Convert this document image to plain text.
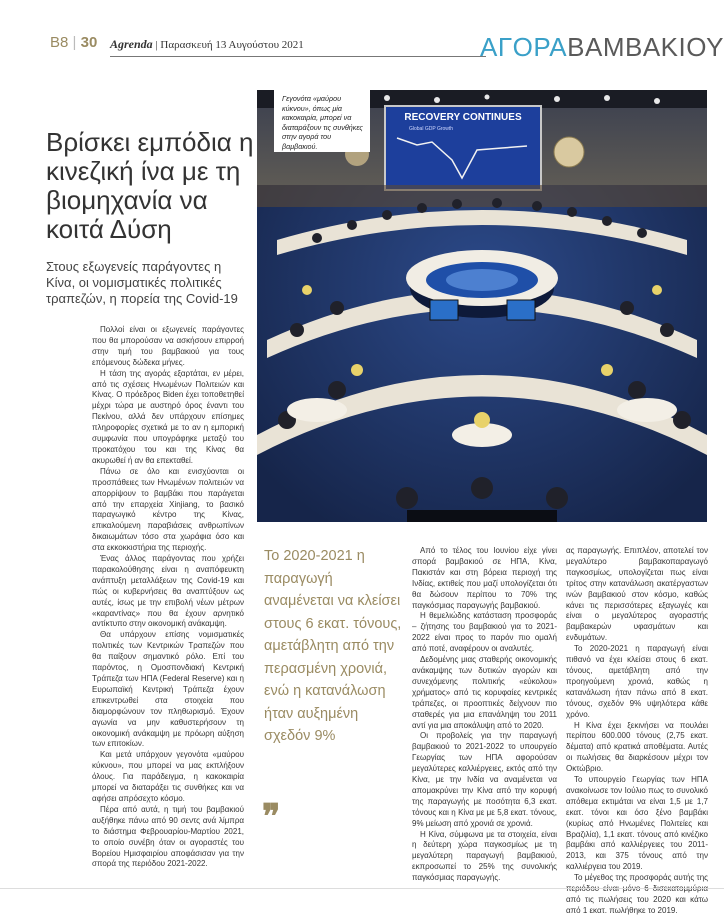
B8 | 30 Agrenda | Παρασκευή 13 Αυγούστου 2021	ΑΓΟΡΑΒΑΜΒΑΚΙΟΥ
RECOVERY CONTINUES
Global GDP Growth
Γεγονότα «μαύρου κύκνου», όπως μία κακοκαιρία, μπορεί να διαταράξουν τις συνθήκες στην αγορά του βαμβακιού.
Βρίσκει εμπόδια η κινεζική ίνα με τη βιομηχανία να κοιτά Δύση
Στους εξωγενείς παράγοντες η Κίνα, οι νομισματικές πολιτικές τραπεζών, η πορεία της Covid-19

Πολλοί είναι οι εξωγενείς παράγοντες που θα μπορούσαν να ασκήσουν επιρροή στην τιμή του βαμβακιού για τους επόμενους δώδεκα μήνες.

Η τάση της αγοράς εξαρτάται, εν μέρει, από τις σχέσεις Ηνωμένων Πολιτειών και Κίνας. Ο πρόεδρος Biden έχει τοποθετηθεί μέχρι τώρα με αυστηρό όρος έναντι του Πεκίνου, αλλά δεν υπάρχουν επίσημες πληροφορίες σχετικά με το αν η εμπορική συμφωνία που υπογράφηκε μεταξύ του προκατόχου του και της Κίνας θα ακυρωθεί ή αν θα επεκταθεί.

Πάνω σε όλο και ενισχύονται οι προσπάθειες των Ηνωμένων πολιτειών να απορρίψουν το βαμβάκι που παράγεται από την επαρχεία Xinjiang, το βασικό παραγωγικό κέντρο της Κίνας, επικαλούμενη παραβιάσεις ανθρωπίνων δικαιωμάτων τόσο στα χωράφια όσο και στα εκκοκκιστήρια της περιοχής.

Ένας άλλος παράγοντας που χρήζει παρακολούθησης είναι η αναπόφευκτη ανάπτυξη μεταλλάξεων της Covid-19 και πώς οι κυβερνήσεις θα αναπτύξουν ως αυτές, ίσως με την επιβολή νέων μέτρων «καραντίνας» που θα έχουν αρνητικό αντίκτυπο στην οικονομική ανάκαμψη.

Θα υπάρχουν επίσης νομισματικές πολιτικές των Κεντρικών Τραπεζών που θα παίξουν σημαντικό ρόλο. Επί του παρόντος, η Ομοσπονδιακή Κεντρική Τράπεζα των ΗΠΑ (Federal Reserve) και η Ευρωπαϊκή Κεντρική Τράπεζα έχουν επικεντρωθεί στα στοιχεία που διαμορφώνουν τον πληθωρισμό. Έχουν αγωνία να μην καθυστερήσουν τη οικονομική ανάκαμψη με πρόωρη αύξηση των επιτοκίων.

Και μετά υπάρχουν γεγονότα «μαύρου κύκνου», που μπορεί να μας εκπλήξουν όλους. Για παράδειγμα, η κακοκαιρία μπορεί να διαταράξει τις συνθήκες και να αφήσει απρόσεχτο κόσμο.

Πέρα από αυτά, η τιμή του βαμβακιού αυξήθηκε πάνω από 90 σεντς ανά λίμπρα το διάστημα Φεβρουαρίου-Μαρτίου 2021, το οποίο συνέβη όταν οι αγοραστές του Βορείου Ημισφαιρίου αποφάσισαν για την σπορά της περιόδου 2021-2022.

Το 2020-2021 η παραγωγή αναμένεται να κλείσει στους 6 εκατ. τόνους, αμετάβλητη από την περασμένη χρονιά, ενώ η κατανάλωση ήταν αυξημένη σχεδόν 9%
❞

Από το τέλος του Ιουνίου είχε γίνει σπορά βαμβακιού σε ΗΠΑ, Κίνα, Πακιστάν και στη βόρεια περιοχή της Ινδίας, εκτιθείς που μαζί υπολογίζεται ότι θα δώσουν περίπου το 70% της παγκόσμιας παραγωγής βαμβακιού.

Η θεμελιώδης κατάσταση προσφοράς – ζήτησης του βαμβακιού για το 2021-2022 είναι προς το παρόν πιο ομαλή από ποτέ, αναφέρουν οι αναλυτές.

Δεδομένης μιας σταθερής οικονομικής ανάκαμψης των δυτικών αγορών και συνεχόμενης πολιτικής «εύκολου» χρήματος» από τις κορυφαίες κεντρικές τράπεζες, οι προοπτικές δείχνουν πιο σταθερές για μια επανάληψη του 2011 αντί για μια αποκάλυψη από το 2020.

Οι προβολείς για την παραγωγή βαμβακιού το 2021-2022 το υπουργείο Γεωργίας των ΗΠΑ αφορούσαν μεγαλύτερες καλλιέργειες, εκτός από την Κίνα, με την Ινδία να αναμένεται να απομακρύνει την Κίνα από την κορυφή της παραγωγής με ποσότητα 6,3 εκατ. τόνους και η Κίνα με με 5,8 εκατ. τόνους, 9% μείωση από χρονιά σε χρονιά.

Η Κίνα, σύμφωνα με τα στοιχεία, είναι η δεύτερη χώρα παγκοσμίως με τη μεγαλύτερη παραγωγή βαμβακιού, εκπροσωπεί το 25% της συνολικής παγκόσμιας παραγωγής.

ας παραγωγής. Επιπλέον, αποτελεί τον μεγαλύτερο βαμβακοπαραγωγό παγκοσμίως, υπολογίζεται πως είναι τρίτος στην κατανάλωση ακατέργαστων ινών βαμβακιού στον κόσμο, καθώς κάνει τις περισσότερες εξαγωγές και είναι ο μεγαλύτερος αγοραστής βαμβακερών υφασμάτων και ενδυμάτων.

Το 2020-2021 η παραγωγή είναι πιθανό να έχει κλείσει στους 6 εκατ. τόνους, αμετάβλητη από την προηγούμενη χρονιά, καθώς η κατανάλωση ήταν πάνω από 8 εκατ. τόνους, σχεδόν 9% υψηλότερα κάθε χρόνο.

Η Κίνα έχει ξεκινήσει να πουλάει περίπου 600.000 τόνους (2,75 εκατ. δέματα) από κρατικά αποθέματα. Αυτές οι πωλήσεις θα διαρκέσουν μέχρι τον Οκτώβριο.

Το υπουργείο Γεωργίας των ΗΠΑ ανακοίνωσε τον Ιούλιο πως το συνολικό απόθεμα εκτιμάται να είναι 1,5 με 1,7 εκατ. τόνοι και όσο ξένο βαμβάκι (κυρίως από Ηνωμένες Πολιτείες και Βραζιλία), 1,1 εκατ. τόνους από κινέζικο βαμβάκι από καλλιέργειες του 2011-2013, και 375 τόνους από την καλλιέργεια του 2019.

Το μέγεθος της προσφοράς αυτής της από τις πωλήσεις του 2020 και κάτω από 1 εκατ. πωλήθηκε το 2019.
